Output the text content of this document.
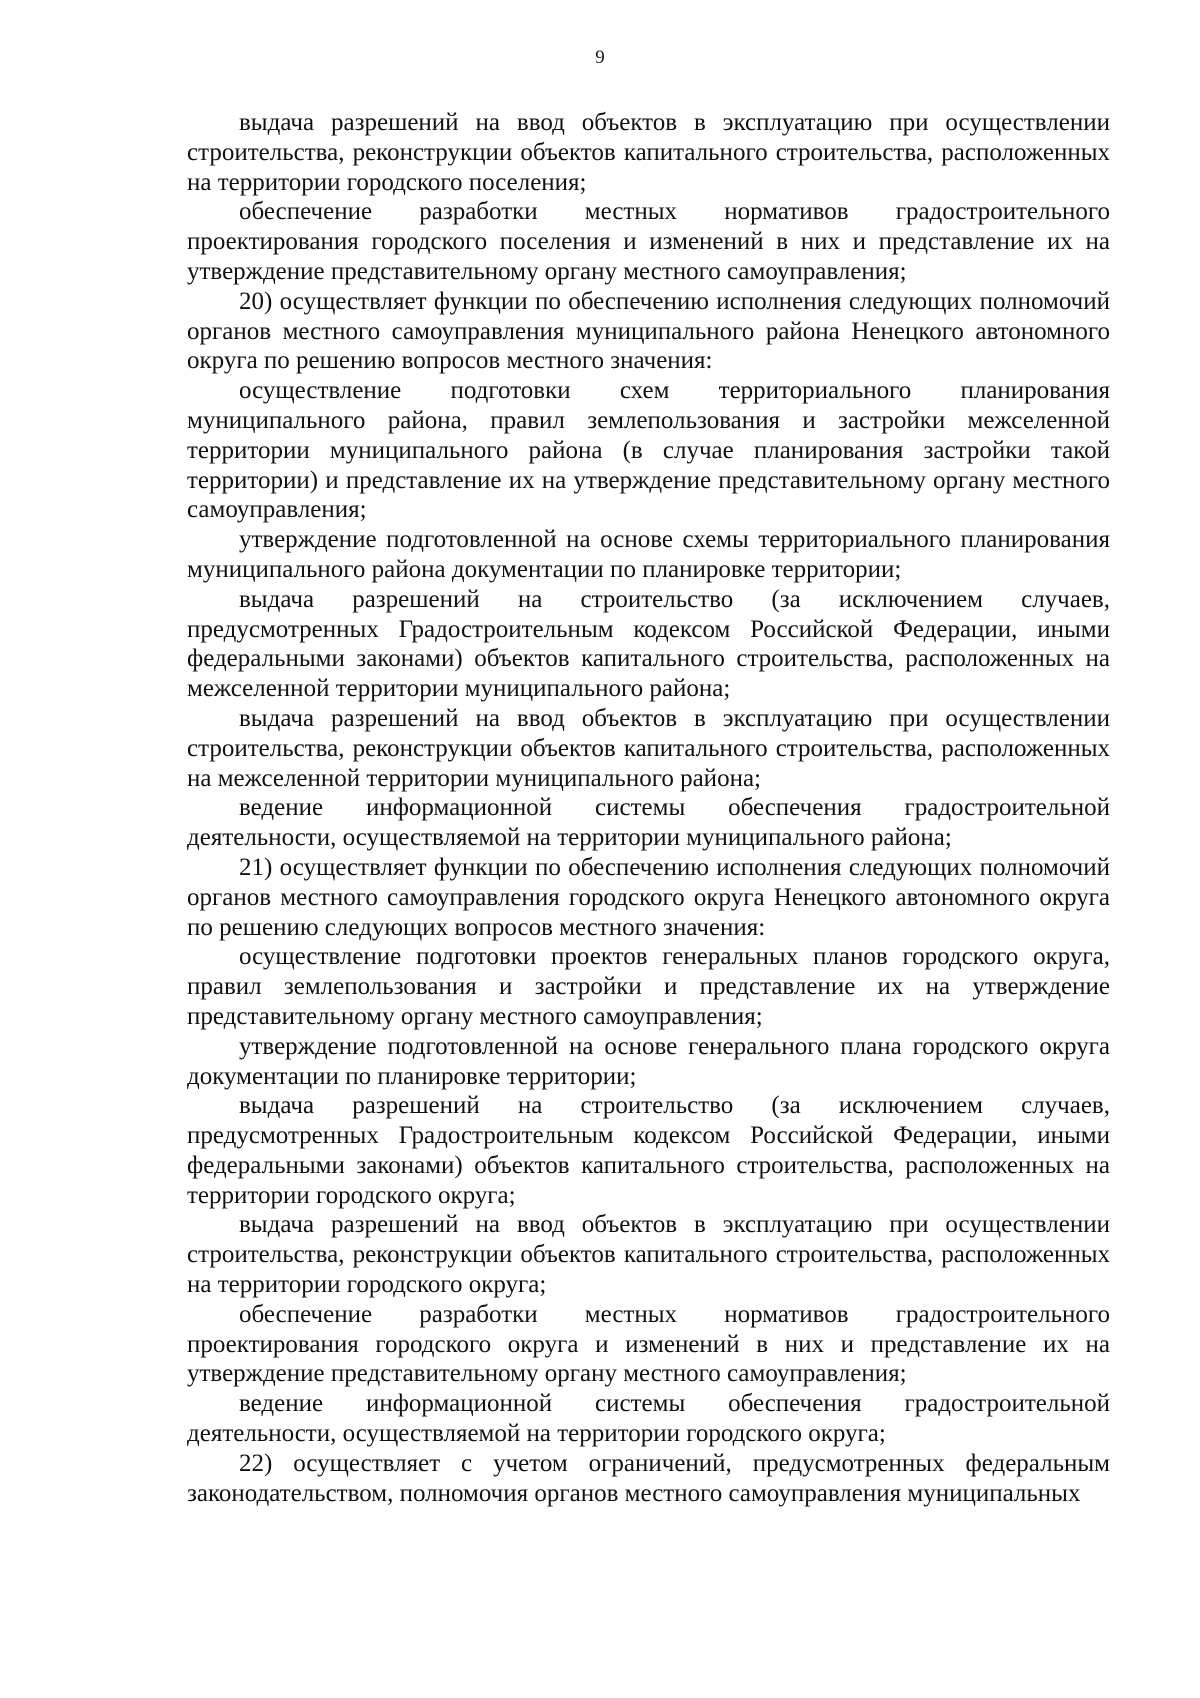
9

выдача разрешений на ввод объектов в эксплуатацию при осуществлении строительства, реконструкции объектов капитального строительства, расположенных на территории городского поселения;

обеспечение разработки местных нормативов градостроительного проектирования городского поселения и изменений в них и представление их на утверждение представительному органу местного самоуправления;

20) осуществляет функции по обеспечению исполнения следующих полномочий органов местного самоуправления муниципального района Ненецкого автономного округа по решению вопросов местного значения:

осуществление подготовки схем территориального планирования муниципального района, правил землепользования и застройки межселенной территории муниципального района (в случае планирования застройки такой территории) и представление их на утверждение представительному органу местного самоуправления;

утверждение подготовленной на основе схемы территориального планирования муниципального района документации по планировке территории;

выдача разрешений на строительство (за исключением случаев, предусмотренных Градостроительным кодексом Российской Федерации, иными федеральными законами) объектов капитального строительства, расположенных на межселенной территории муниципального района;

выдача разрешений на ввод объектов в эксплуатацию при осуществлении строительства, реконструкции объектов капитального строительства, расположенных на межселенной территории муниципального района;

ведение информационной системы обеспечения градостроительной деятельности, осуществляемой на территории муниципального района;

21) осуществляет функции по обеспечению исполнения следующих полномочий органов местного самоуправления городского округа Ненецкого автономного округа по решению следующих вопросов местного значения:

осуществление подготовки проектов генеральных планов городского округа, правил землепользования и застройки и представление их на утверждение представительному органу местного самоуправления;

утверждение подготовленной на основе генерального плана городского округа документации по планировке территории;

выдача разрешений на строительство (за исключением случаев, предусмотренных Градостроительным кодексом Российской Федерации, иными федеральными законами) объектов капитального строительства, расположенных на территории городского округа;

выдача разрешений на ввод объектов в эксплуатацию при осуществлении строительства, реконструкции объектов капитального строительства, расположенных на территории городского округа;

обеспечение разработки местных нормативов градостроительного проектирования городского округа и изменений в них и представление их на утверждение представительному органу местного самоуправления;

ведение информационной системы обеспечения градостроительной деятельности, осуществляемой на территории городского округа;

22) осуществляет с учетом ограничений, предусмотренных федеральным законодательством, полномочия органов местного самоуправления муниципальных
